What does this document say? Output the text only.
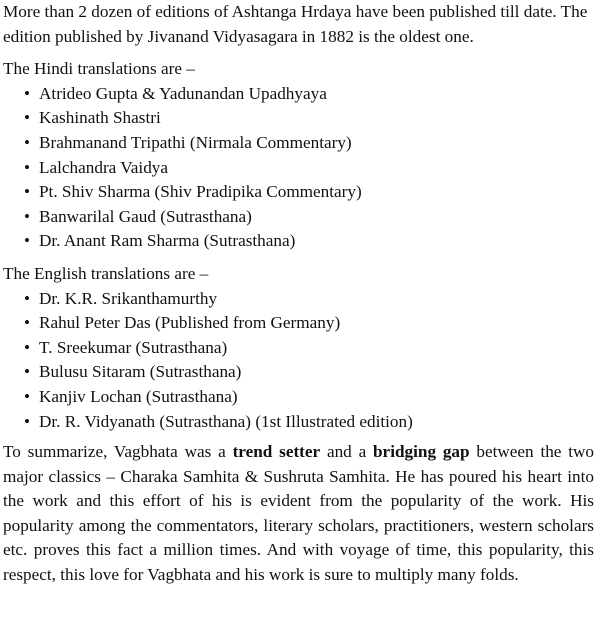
More than 2 dozen of editions of Ashtanga Hrdaya have been published till date. The edition published by Jivanand Vidyasagara in 1882 is the oldest one.

The Hindi translations are –

• Atrideo Gupta & Yadunandan Upadhyaya
• Kashinath Shastri
• Brahmanand Tripathi (Nirmala Commentary)
• Lalchandra Vaidya
• Pt. Shiv Sharma (Shiv Pradipika Commentary)
• Banwarilal Gaud (Sutrasthana)
• Dr. Anant Ram Sharma (Sutrasthana)

The English translations are –

• Dr. K.R. Srikanthamurthy
• Rahul Peter Das (Published from Germany)
• T. Sreekumar (Sutrasthana)
• Bulusu Sitaram (Sutrasthana)
• Kanjiv Lochan (Sutrasthana)
• Dr. R. Vidyanath (Sutrasthana) (1st Illustrated edition)

To summarize, Vagbhata was a trend setter and a bridging gap between the two major classics – Charaka Samhita & Sushruta Samhita. He has poured his heart into the work and this effort of his is evident from the popularity of the work. His popularity among the commentators, literary scholars, practitioners, western scholars etc. proves this fact a million times. And with voyage of time, this popularity, this respect, this love for Vagbhata and his work is sure to multiply many folds.
